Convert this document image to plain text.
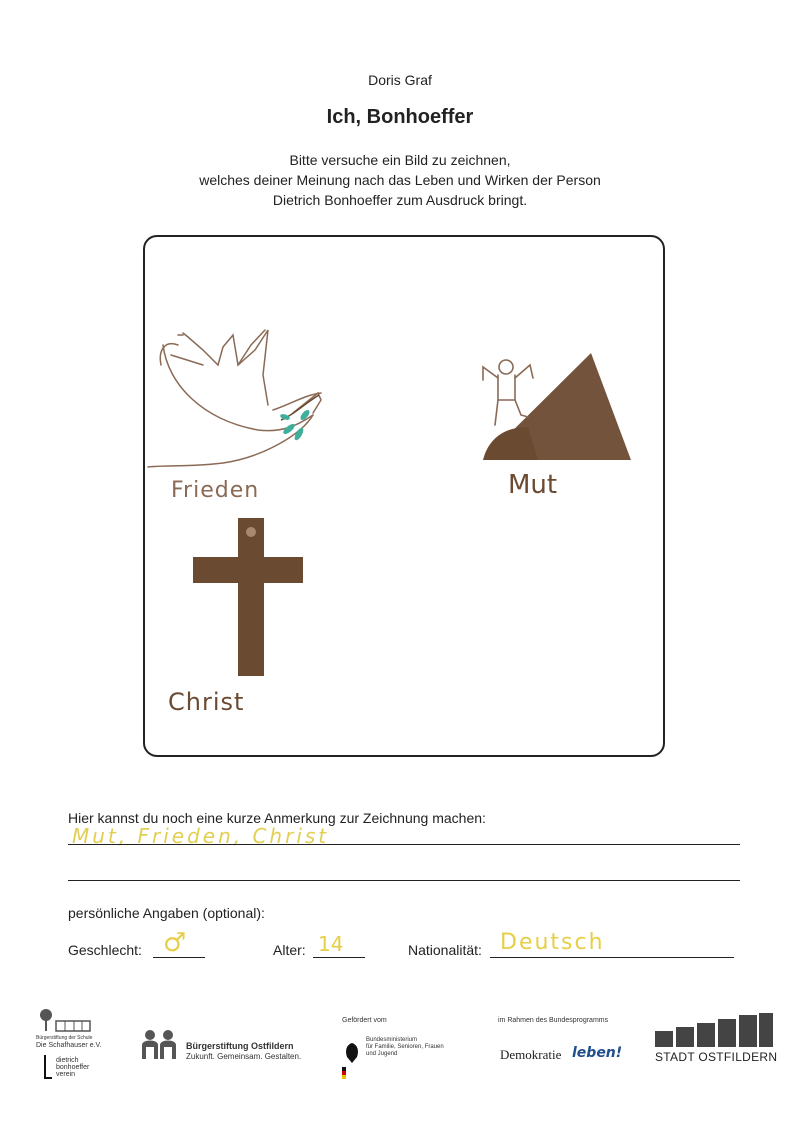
Doris Graf
Ich, Bonhoeffer
Bitte versuche ein Bild zu zeichnen,
welches deiner Meinung nach das Leben und Wirken der Person
Dietrich Bonhoeffer zum Ausdruck bringt.
Frieden	Mut
Christ
Hier kannst du noch eine kurze Anmerkung zur Zeichnung machen:
Mut, Frieden, Christ
persönliche Angaben (optional):
Geschlecht: ♂	Alter: 14	Nationalität: Deutsch
Bürgerstiftung der Schule
Die Schafhauser e.V.
dietrich
bonhoeffer
verein
Bürgerstiftung Ostfildern
Zukunft. Gemeinsam. Gestalten.
Gefördert vom
Bundesministerium
für Familie, Senioren, Frauen
und Jugend
im Rahmen des Bundesprogramms
Demokratie leben!	STADT OSTFILDERN
